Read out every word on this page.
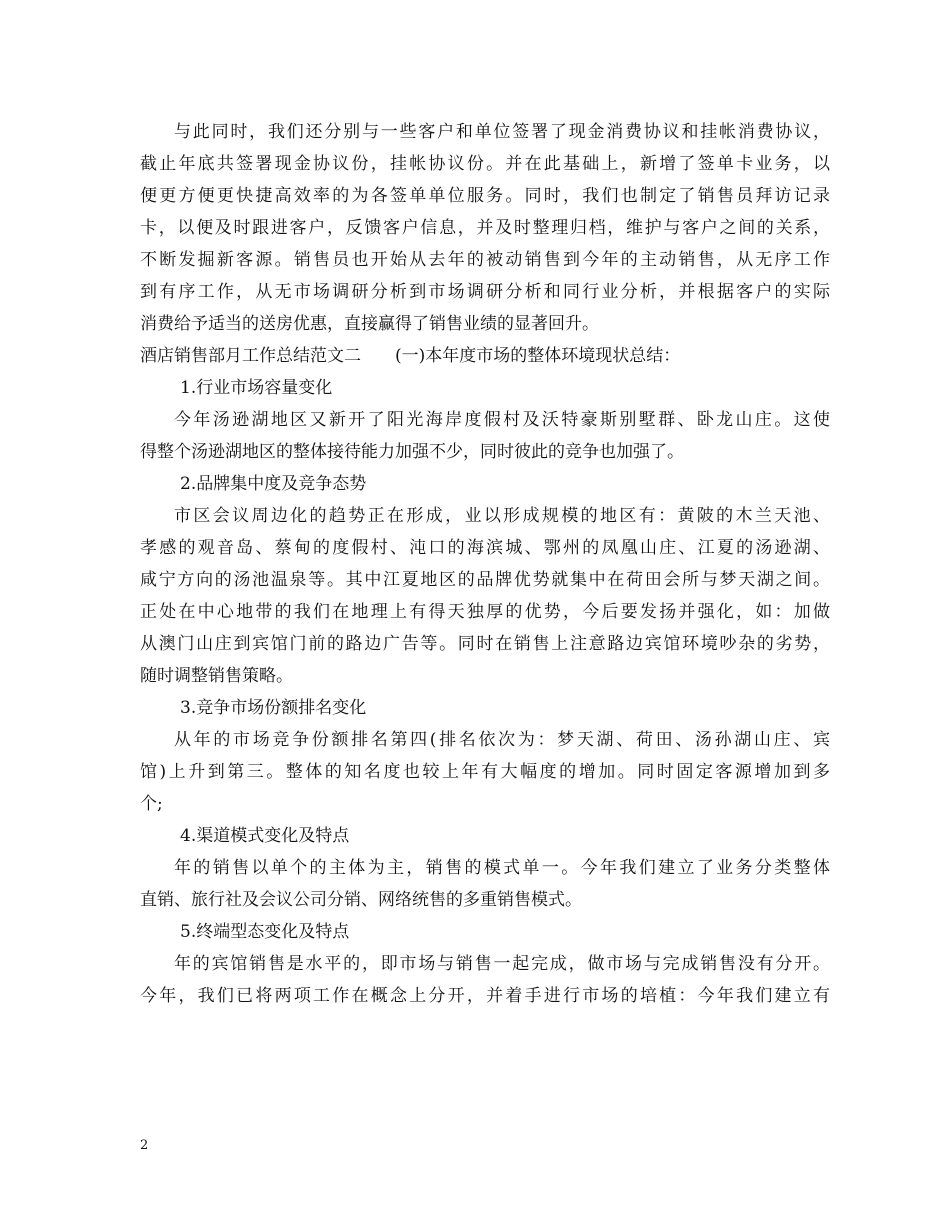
与此同时，我们还分别与一些客户和单位签署了现金消费协议和挂帐消费协议，
截止年底共签署现金协议份，挂帐协议份。并在此基础上，新增了签单卡业务，以
便更方便更快捷高效率的为各签单单位服务。同时，我们也制定了销售员拜访记录
卡，以便及时跟进客户，反馈客户信息，并及时整理归档，维护与客户之间的关系，
不断发掘新客源。销售员也开始从去年的被动销售到今年的主动销售，从无序工作
到有序工作，从无市场调研分析到市场调研分析和同行业分析，并根据客户的实际
消费给予适当的送房优惠，直接赢得了销售业绩的显著回升。
酒店销售部月工作总结范文二　　(一)本年度市场的整体环境现状总结：
1.行业市场容量变化
今年汤逊湖地区又新开了阳光海岸度假村及沃特豪斯别墅群、卧龙山庄。这使
得整个汤逊湖地区的整体接待能力加强不少，同时彼此的竞争也加强了。
2.品牌集中度及竞争态势
市区会议周边化的趋势正在形成，业以形成规模的地区有：黄陂的木兰天池、
孝感的观音岛、蔡甸的度假村、沌口的海滨城、鄂州的凤凰山庄、江夏的汤逊湖、
咸宁方向的汤池温泉等。其中江夏地区的品牌优势就集中在荷田会所与梦天湖之间。
正处在中心地带的我们在地理上有得天独厚的优势，今后要发扬并强化，如：加做
从澳门山庄到宾馆门前的路边广告等。同时在销售上注意路边宾馆环境吵杂的劣势，
随时调整销售策略。
3.竞争市场份额排名变化
从年的市场竞争份额排名第四(排名依次为：梦天湖、荷田、汤孙湖山庄、宾
馆)上升到第三。整体的知名度也较上年有大幅度的增加。同时固定客源增加到多
个;
4.渠道模式变化及特点
年的销售以单个的主体为主，销售的模式单一。今年我们建立了业务分类整体
直销、旅行社及会议公司分销、网络统售的多重销售模式。
5.终端型态变化及特点
年的宾馆销售是水平的，即市场与销售一起完成，做市场与完成销售没有分开。
今年，我们已将两项工作在概念上分开，并着手进行市场的培植：今年我们建立有
2
